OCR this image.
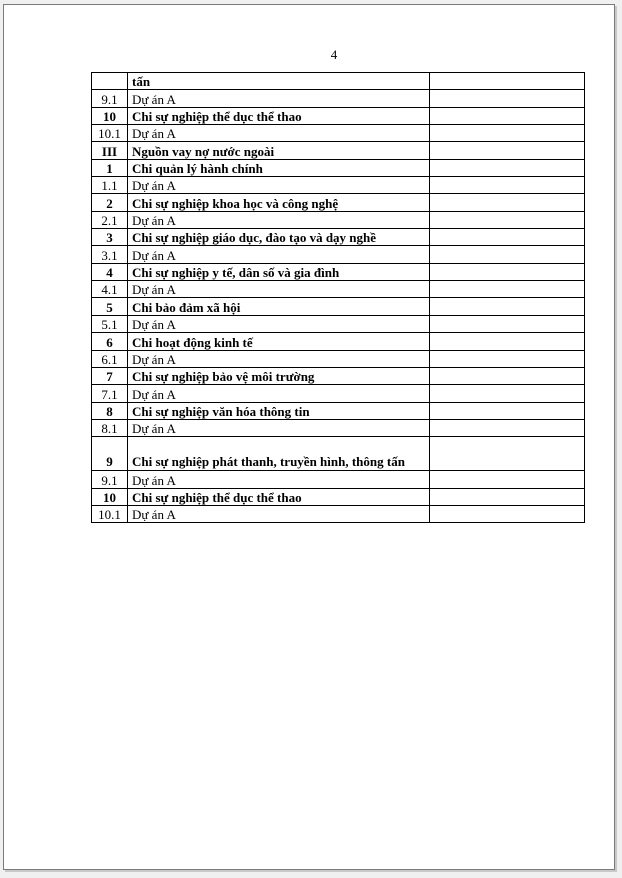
4
	tấn	
9.1	Dự án A	
10	Chi sự nghiệp thể dục thể thao	
10.1	Dự án A	
III	Nguồn vay nợ nước ngoài	
1	Chi quản lý hành chính	
1.1	Dự án A	
2	Chi sự nghiệp khoa học và công nghệ	
2.1	Dự án A	
3	Chi sự nghiệp giáo dục, đào tạo và dạy nghề	
3.1	Dự án A	
4	Chi sự nghiệp y tế, dân số và gia đình	
4.1	Dự án A	
5	Chi bảo đảm xã hội	
5.1	Dự án A	
6	Chi hoạt động kinh tế	
6.1	Dự án A	
7	Chi sự nghiệp bảo vệ môi trường	
7.1	Dự án A	
8	Chi sự nghiệp văn hóa thông tin	
8.1	Dự án A	
9	Chi sự nghiệp phát thanh, truyền hình, thông tấn	
9.1	Dự án A	
10	Chi sự nghiệp thể dục thể thao	
10.1	Dự án A	
